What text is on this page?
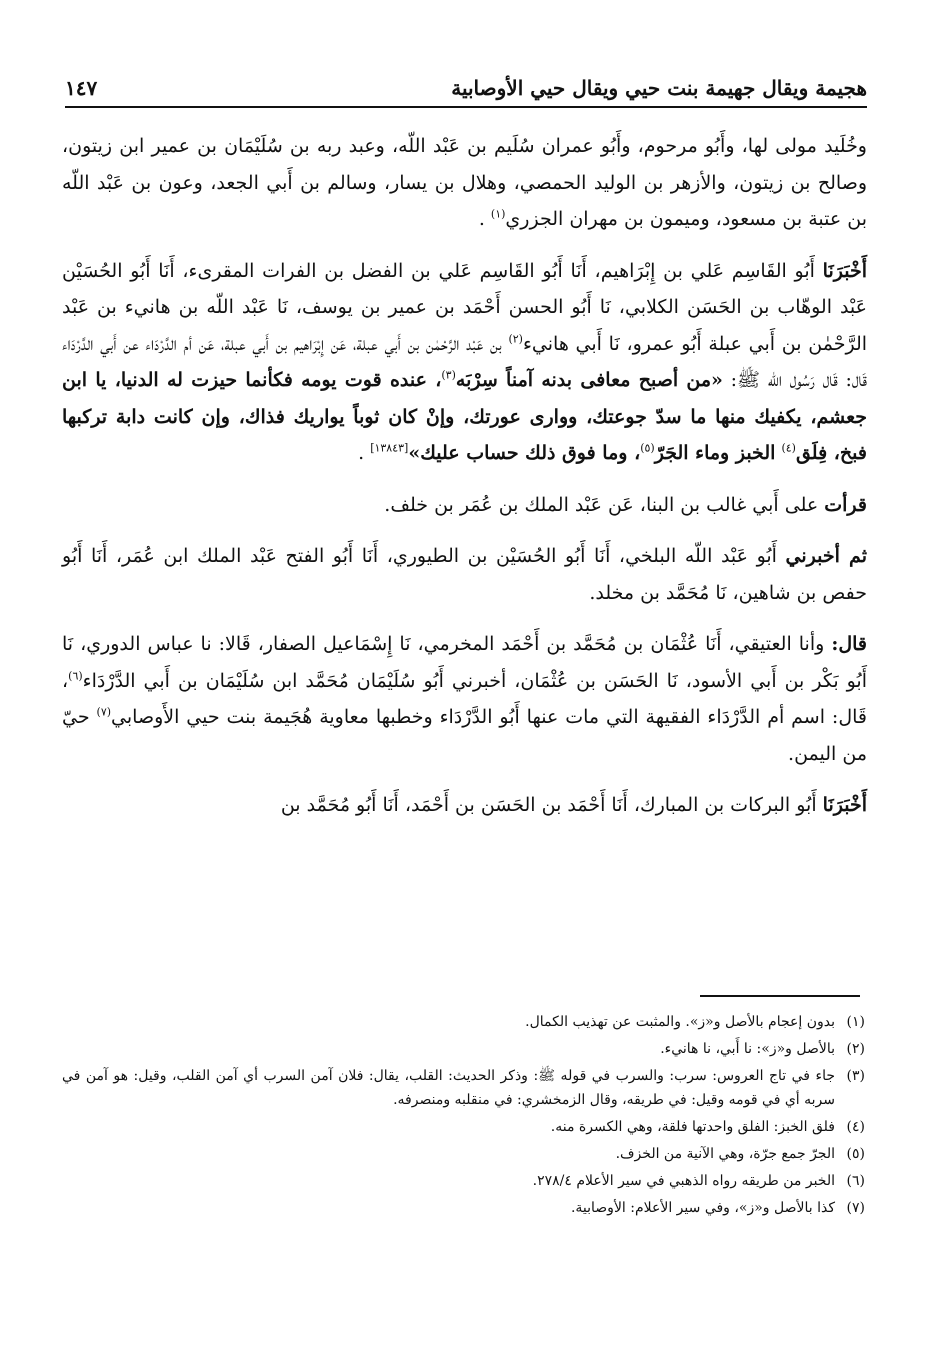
هجيمة ويقال جهيمة بنت حيي ويقال حيي الأوصابية
١٤٧

وخُلَيد مولى لها، وأَبُو مرحوم، وأَبُو عمران سُلَيم بن عَبْد اللّه، وعبد ربه بن سُلَيْمَان بن عمير ابن زيتون، وصالح بن زيتون، والأزهر بن الوليد الحمصي، وهلال بن يسار، وسالم بن أَبي الجعد، وعون بن عَبْد اللّه بن عتبة بن مسعود، وميمون بن مهران الجزري$^{(١)}$ .

أَخْبَرَنَا أَبُو القَاسِم عَلي بن إِبْرَاهيم، أَنَا أَبُو القَاسِم عَلي بن الفضل بن الفرات المقرىء، أَنَا أَبُو الحُسَيْن عَبْد الوهّاب بن الحَسَن الكلابي، نَا أَبُو الحسن أَحْمَد بن عمير بن يوسف، نَا عَبْد اللّه بن هانيء بن عَبْد الرَّحْمٰن بن أَبي عبلة أَبُو عمرو، نَا أَبي هانيء$^{(٢)}$ بن عَبْد الرَّحْمٰن بن أَبي عبلة، عَن إِبْرَاهيم بن أَبي عبلة، عَن أم الدَّرْدَاء عن أَبي الدَّرْدَاء قَال: قَال رَسُول الله ﷺ: «من أصبح معافى بدنه آمناً سِرْبَه$^{(٣)}$، عنده قوت يومه فكأنما حيزت له الدنيا، يا ابن جعشم، يكفيك منها ما سدّ جوعتك، ووارى عورتك، وإنْ كان ثوباً يواريك فذاك، وإن كانت دابة تركبها فبخ، فِلَق$^{(٤)}$ الخبز وماء الجَرّ$^{(٥)}$، وما فوق ذلك حساب عليك»[١٣٨٤٣] .

قرأت على أَبي غالب بن البنا، عَن عَبْد الملك بن عُمَر بن خلف.

ثم أخبرني أَبُو عَبْد اللّه البلخي، أَنَا أَبُو الحُسَيْن بن الطيوري، أَنَا أَبُو الفتح عَبْد الملك ابن عُمَر، أَنَا أَبُو حفص بن شاهين، نَا مُحَمَّد بن مخلد.

قال: وأنا العتيقي، أَنَا عُثْمَان بن مُحَمَّد بن أَحْمَد المخرمي، نَا إِسْمَاعيل الصفار، قَالا: نا عباس الدوري، نَا أَبُو بَكْر بن أَبي الأسود، نَا الحَسَن بن عُثْمَان، أخبرني أَبُو سُلَيْمَان مُحَمَّد ابن سُلَيْمَان بن أَبي الدَّرْدَاء$^{(٦)}$، قَال: اسم أم الدَّرْدَاء الفقيهة التي مات عنها أَبُو الدَّرْدَاء وخطبها معاوية هُجَيمة بنت حيي الأَوصابي$^{(٧)}$ حيّ من اليمن.

أَخْبَرَنَا أَبُو البركات بن المبارك، أَنَا أَحْمَد بن الحَسَن بن أَحْمَد، أَنَا أَبُو مُحَمَّد بن

(١)
بدون إعجام بالأصل و«ز». والمثبت عن تهذيب الكمال.
(٢)
بالأصل و«ز»: نا أَبي، نا هانيء.
(٣)
جاء في تاج العروس: سرب: والسرب في قوله ﷺ: وذكر الحديث: القلب، يقال: فلان آمن السرب أي آمن القلب، وقيل: هو آمن في سربه أي في قومه وقيل: في طريقه، وقال الزمخشري: في منقلبه ومنصرفه.
(٤)
فلق الخبز: الفلق واحدتها فلقة، وهي الكسرة منه.
(٥)
الجرّ جمع جرّة، وهي الآنية من الخزف.
(٦)
الخبر من طريقه رواه الذهبي في سير الأعلام ٢٧٨/٤.
(٧)
كذا بالأصل و«ز»، وفي سير الأعلام: الأوصابية.
